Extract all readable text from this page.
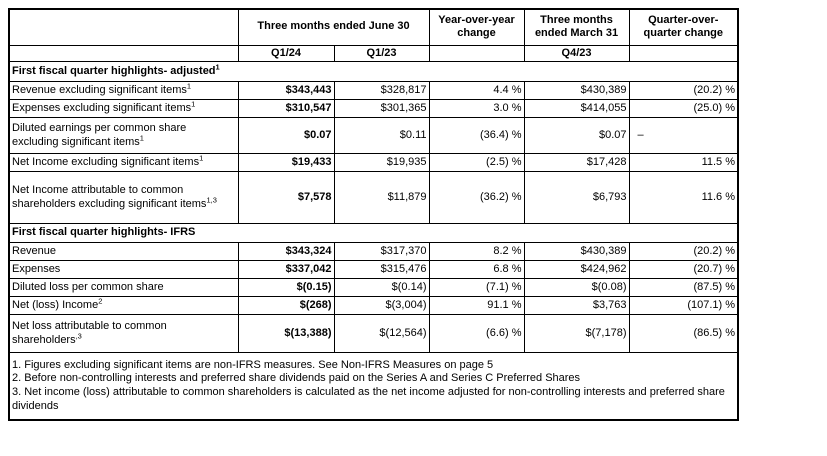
	Three months ended June 30		Year-over-year change	Three months ended March 31	Quarter-over-quarter change
	Q1/24	Q1/23		Q4/23	
First fiscal quarter highlights- adjusted$^1$
Revenue excluding significant items$^1$	$343,443	$328,817	4.4 %	$430,389	(20.2) %
Expenses excluding significant items$^1$	$310,547	$301,365	3.0 %	$414,055	(25.0) %
Diluted earnings per common share excluding significant items$^1$	$0.07	$0.11	(36.4) %	$0.07	–
Net Income excluding significant items$^1$	$19,433	$19,935	(2.5) %	$17,428	11.5 %
Net Income attributable to common shareholders excluding significant items$^{1,3}$	$7,578	$11,879	(36.2) %	$6,793	11.6 %
First fiscal quarter highlights- IFRS					
Revenue	$343,324	$317,370	8.2 %	$430,389	(20.2) %
Expenses	$337,042	$315,476	6.8 %	$424,962	(20.7) %
Diluted loss per common share	$(0.15)	$(0.14)	(7.1) %	$(0.08)	(87.5) %
Net (loss) Income$^2$	$(268)	$(3,004)	91.1 %	$3,763	(107.1) %
Net loss attributable to common shareholders$^{,3}$	$(13,388)	$(12,564)	(6.6) %	$(7,178)	(86.5) %

1. Figures excluding significant items are non-IFRS measures. See Non-IFRS Measures on page 5
2. Before non-controlling interests and preferred share dividends paid on the Series A and Series C Preferred Shares
3. Net income (loss) attributable to common shareholders is calculated as the net income adjusted for non-controlling interests and preferred share dividends					
